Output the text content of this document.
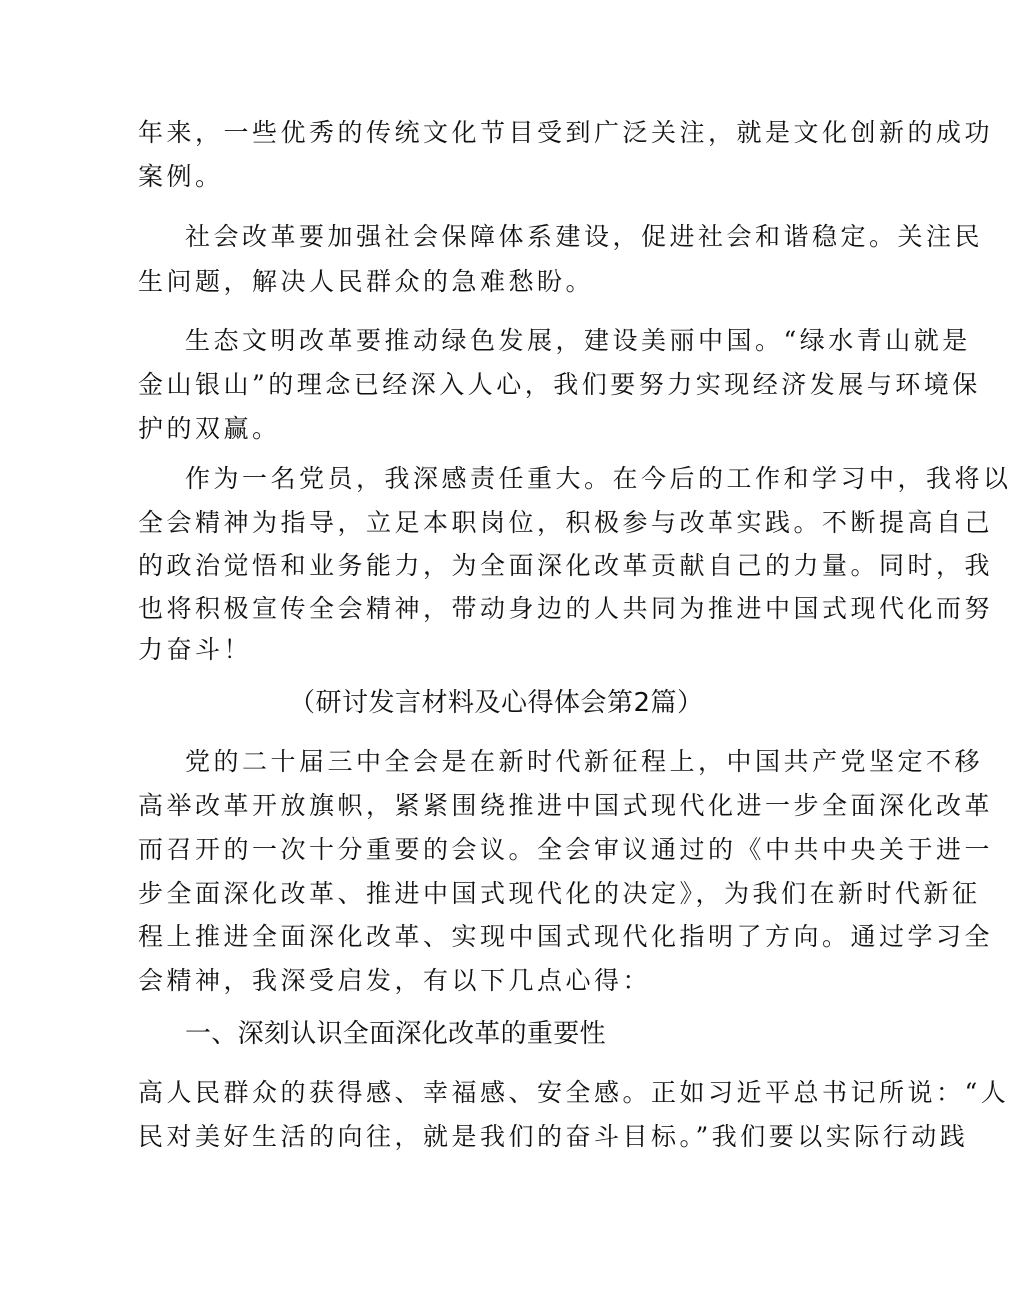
年来，一些优秀的传统文化节目受到广泛关注，就是文化创新的成功
案例。
社会改革要加强社会保障体系建设，促进社会和谐稳定。关注民
生问题，解决人民群众的急难愁盼。
生态文明改革要推动绿色发展，建设美丽中国。“绿水青山就是
金山银山”的理念已经深入人心，我们要努力实现经济发展与环境保
护的双赢。
作为一名党员，我深感责任重大。在今后的工作和学习中，我将以
全会精神为指导，立足本职岗位，积极参与改革实践。不断提高自己
的政治觉悟和业务能力，为全面深化改革贡献自己的力量。同时，我
也将积极宣传全会精神，带动身边的人共同为推进中国式现代化而努
力奋斗！
（研讨发言材料及心得体会第2篇）
党的二十届三中全会是在新时代新征程上，中国共产党坚定不移
高举改革开放旗帜，紧紧围绕推进中国式现代化进一步全面深化改革
而召开的一次十分重要的会议。全会审议通过的《中共中央关于进一
步全面深化改革、推进中国式现代化的决定》，为我们在新时代新征
程上推进全面深化改革、实现中国式现代化指明了方向。通过学习全
会精神，我深受启发，有以下几点心得：
一、深刻认识全面深化改革的重要性
高人民群众的获得感、幸福感、安全感。正如习近平总书记所说：“人
民对美好生活的向往，就是我们的奋斗目标。”我们要以实际行动践
